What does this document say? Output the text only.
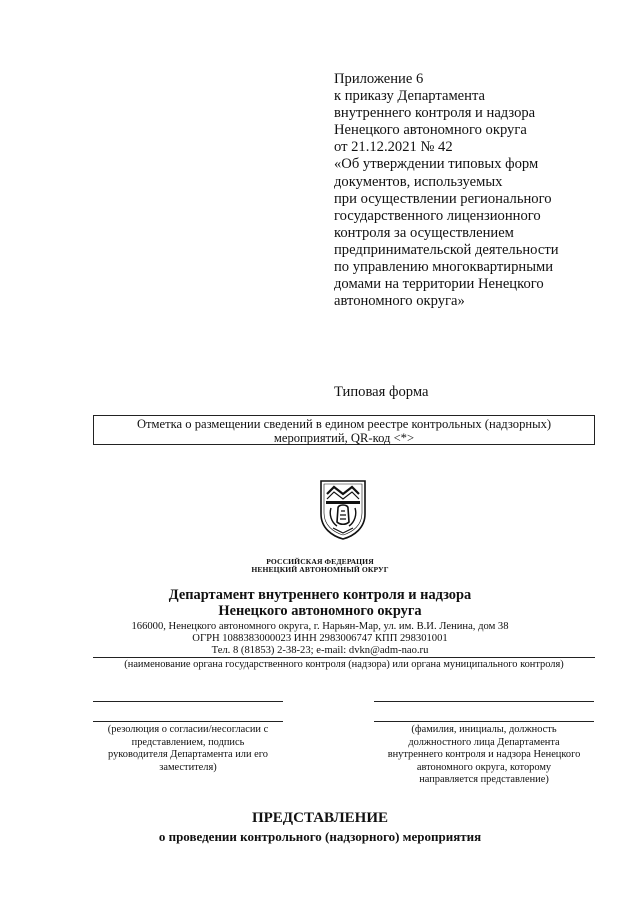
Приложение 6
к приказу Департамента
внутреннего контроля и надзора
Ненецкого автономного округа
от 21.12.2021 № 42
«Об утверждении типовых форм
документов, используемых
при осуществлении регионального
государственного лицензионного
контроля за осуществлением
предпринимательской деятельности
по управлению многоквартирными
домами на территории Ненецкого
автономного округа»
Типовая форма
Отметка о размещении сведений в едином реестре контрольных (надзорных)
мероприятий, QR-код <*>
РОССИЙСКАЯ ФЕДЕРАЦИЯ
НЕНЕЦКИЙ АВТОНОМНЫЙ ОКРУГ
Департамент внутреннего контроля и надзора
Ненецкого автономного округа
166000, Ненецкого автономного округа, г. Нарьян-Мар, ул. им. В.И. Ленина, дом 38
ОГРН 1088383000023 ИНН 2983006747 КПП 298301001
Тел. 8 (81853) 2-38-23; e-mail: dvkn@adm-nao.ru
(наименование органа государственного контроля (надзора) или органа муниципального контроля)
(резолюция о согласии/несогласии с
представлением, подпись
руководителя Департамента или его
заместителя)
(фамилия, инициалы, должность
должностного лица Департамента
внутреннего контроля и надзора Ненецкого
автономного округа, которому
направляется представление)
ПРЕДСТАВЛЕНИЕ
о проведении контрольного (надзорного) мероприятия
